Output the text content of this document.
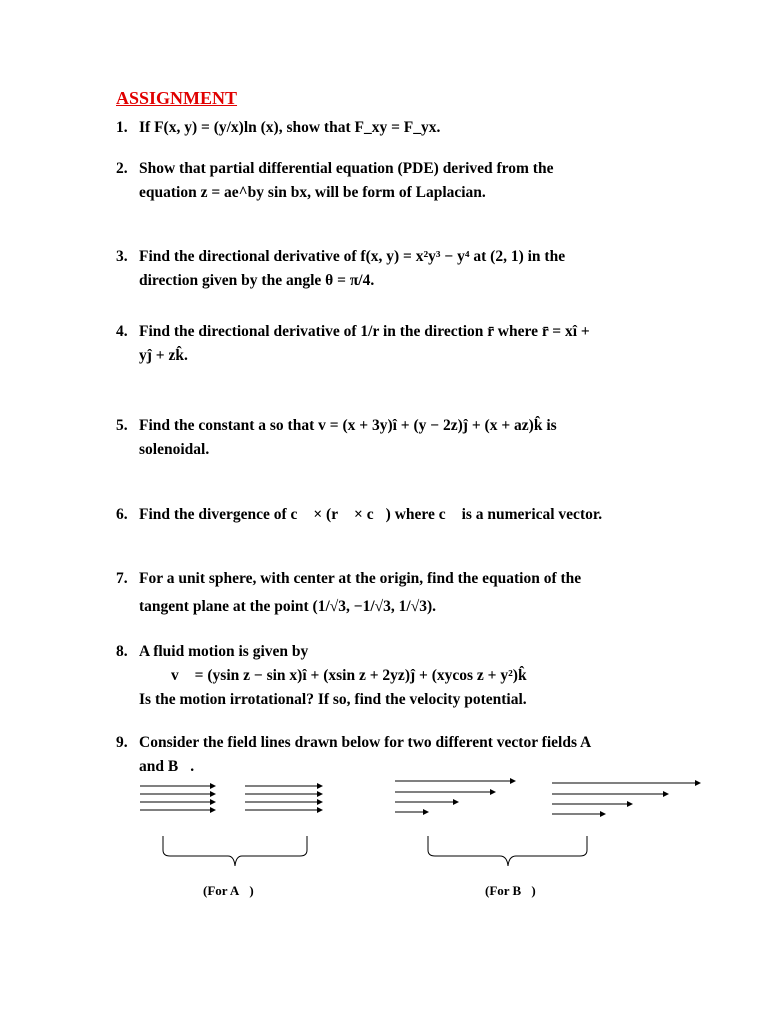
ASSIGNMENT
1. If F(x, y) = (y/x)ln (x), show that F_xy = F_yx.
2. Show that partial differential equation (PDE) derived from the
equation z = ae^by sin bx, will be form of Laplacian.
3. Find the directional derivative of f(x, y) = x²y³ − y⁴ at (2, 1) in the
direction given by the angle θ = π/4.
4. Find the directional derivative of 1/r in the direction r̄ where r̄ = xî +
yĵ + zk̂.
5. Find the constant a so that v = (x + 3y)î + (y − 2z)ĵ + (x + az)k̂ is
solenoidal.
6. Find the divergence of c⃗ × (r⃗ × c⃗) where c⃗ is a numerical vector.
7. For a unit sphere, with center at the origin, find the equation of the
tangent plane at the point (1/√3, −1/√3, 1/√3).
8. A fluid motion is given by
v⃗ = (ysin z − sin x)î + (xsin z + 2yz)ĵ + (xycos z + y²)k̂
Is the motion irrotational? If so, find the velocity potential.
9. Consider the field lines drawn below for two different vector fields A⃗
and B⃗.
(For A⃗)	(For B⃗)
